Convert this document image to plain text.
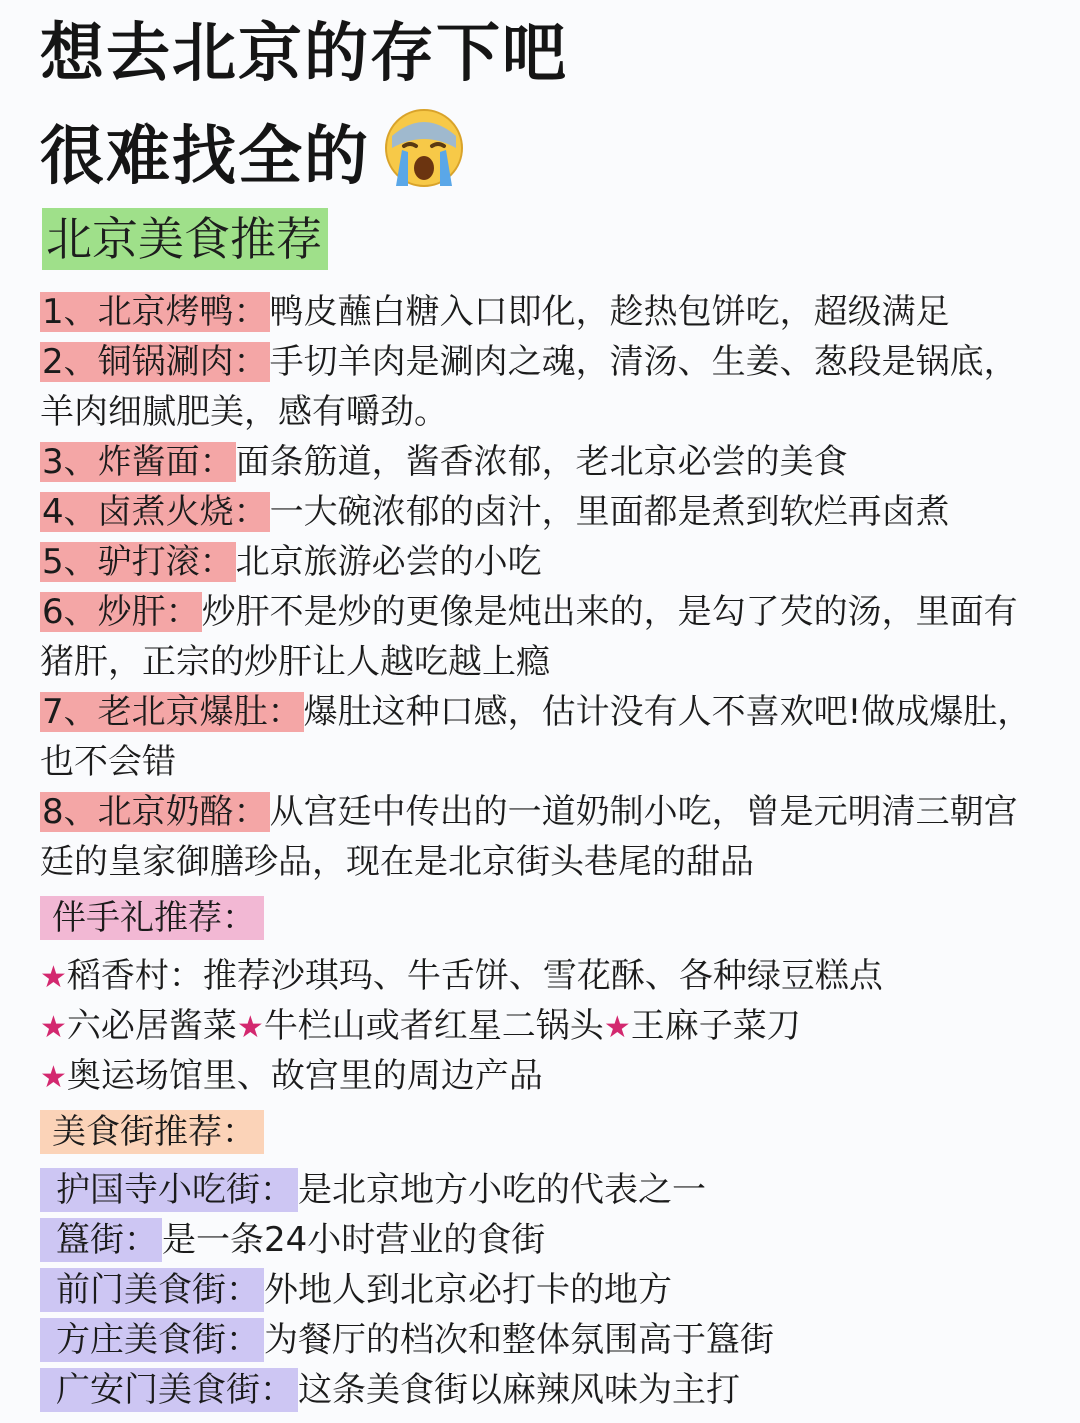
想去北京的存下吧
很难找全的
北京美食推荐
1、北京烤鸭：鸭皮蘸白糖入口即化，趁热包饼吃，超级满足
2、铜锅涮肉：手切羊肉是涮肉之魂，清汤、生姜、葱段是锅底，
羊肉细腻肥美，感有嚼劲。
3、炸酱面：面条筋道，酱香浓郁，老北京必尝的美食
4、卤煮火烧：一大碗浓郁的卤汁，里面都是煮到软烂再卤煮
5、驴打滚：北京旅游必尝的小吃
6、炒肝：炒肝不是炒的更像是炖出来的，是勾了芡的汤，里面有
猪肝，正宗的炒肝让人越吃越上瘾
7、老北京爆肚：爆肚这种口感，估计没有人不喜欢吧!做成爆肚，
也不会错
8、北京奶酪：从宫廷中传出的一道奶制小吃，曾是元明清三朝宫
廷的皇家御膳珍品，现在是北京街头巷尾的甜品
伴手礼推荐：
★稻香村：推荐沙琪玛、牛舌饼、雪花酥、各种绿豆糕点
★六必居酱菜★牛栏山或者红星二锅头★王麻子菜刀
★奥运场馆里、故宫里的周边产品
美食街推荐：
护国寺小吃街： 是北京地方小吃的代表之一
簋街： 是一条24小时营业的食街
前门美食街： 外地人到北京必打卡的地方
方庄美食街： 为餐厅的档次和整体氛围高于簋街
广安门美食街： 这条美食街以麻辣风味为主打
